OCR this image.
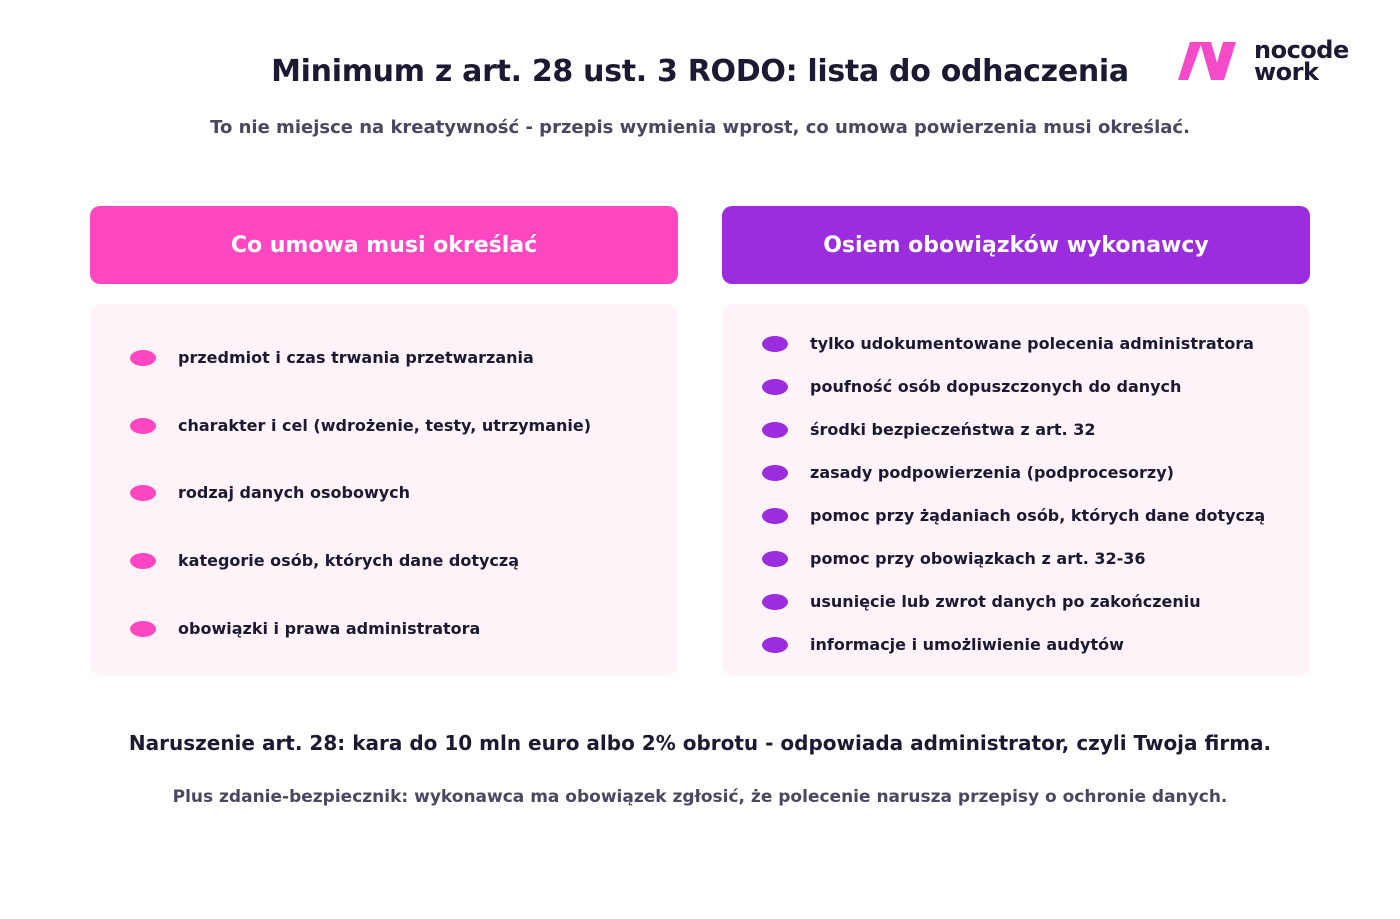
nocode
work
Minimum z art. 28 ust. 3 RODO: lista do odhaczenia
To nie miejsce na kreatywność - przepis wymienia wprost, co umowa powierzenia musi określać.
Co umowa musi określać	Osiem obowiązków wykonawcy
przedmiot i czas trwania przetwarzania
charakter i cel (wdrożenie, testy, utrzymanie)
rodzaj danych osobowych
kategorie osób, których dane dotyczą
obowiązki i prawa administratora
tylko udokumentowane polecenia administratora
poufność osób dopuszczonych do danych
środki bezpieczeństwa z art. 32
zasady podpowierzenia (podprocesorzy)
pomoc przy żądaniach osób, których dane dotyczą
pomoc przy obowiązkach z art. 32-36
usunięcie lub zwrot danych po zakończeniu
informacje i umożliwienie audytów
Naruszenie art. 28: kara do 10 mln euro albo 2% obrotu - odpowiada administrator, czyli Twoja firma.
Plus zdanie-bezpiecznik: wykonawca ma obowiązek zgłosić, że polecenie narusza przepisy o ochronie danych.
